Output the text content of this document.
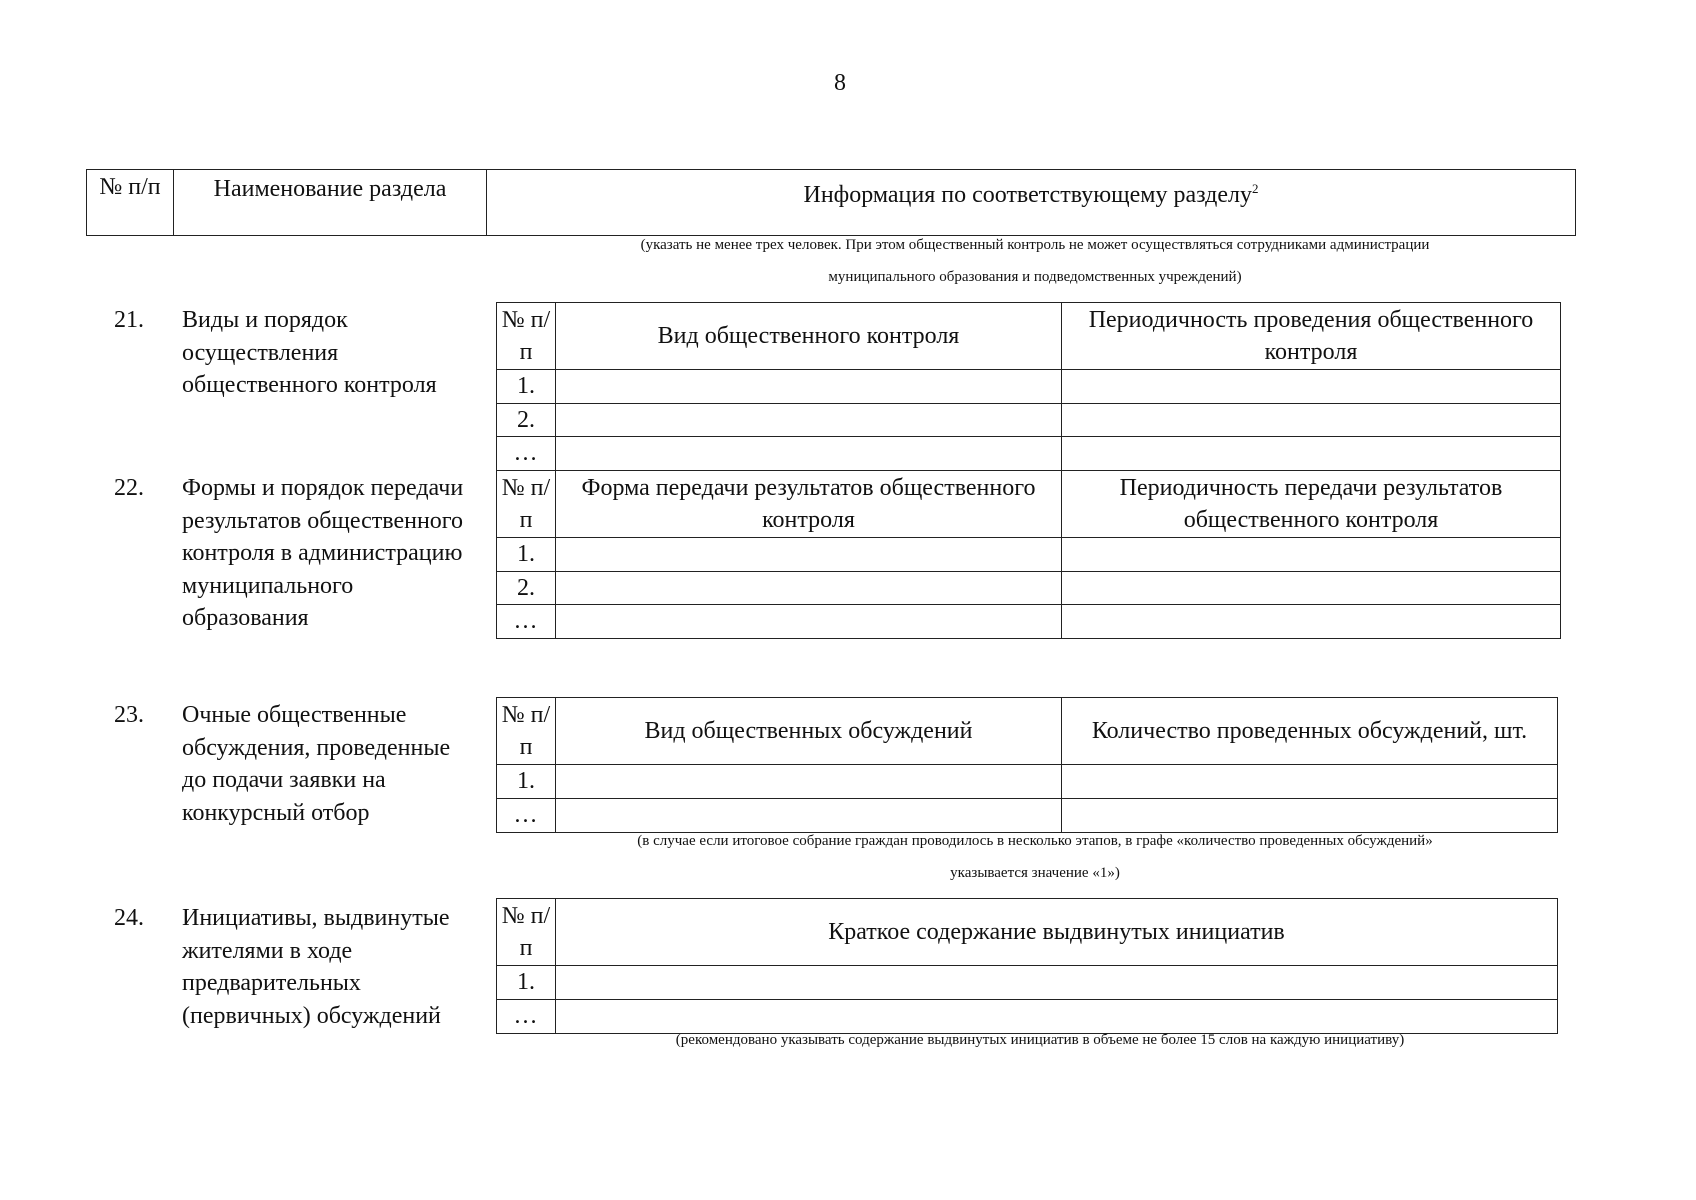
8
№ п/п	Наименование раздела	Информация по соответствующему разделу$^2$
(указать не менее трех человек. При этом общественный контроль не может осуществляться сотрудниками администрации
муниципального образования и подведомственных учреждений)
21. Виды и порядок осуществления общественного контроля
№ п/п	Вид общественного контроля	Периодичность проведения общественного контроля
1.		
2.		
…		
22. Формы и порядок передачи результатов общественного контроля в администрацию муниципального образования
№ п/п	Форма передачи результатов общественного контроля	Периодичность передачи результатов общественного контроля
1.		
2.		
…		
23. Очные общественные обсуждения, проведенные до подачи заявки на конкурсный отбор
№ п/п	Вид общественных обсуждений	Количество проведенных обсуждений, шт.
1.		
…		
(в случае если итоговое собрание граждан проводилось в несколько этапов, в графе «количество проведенных обсуждений»
указывается значение «1»)
24. Инициативы, выдвинутые жителями в ходе предварительных (первичных) обсуждений
№ п/п	Краткое содержание выдвинутых инициатив
1.	
…	
(рекомендовано указывать содержание выдвинутых инициатив в объеме не более 15 слов на каждую инициативу)
